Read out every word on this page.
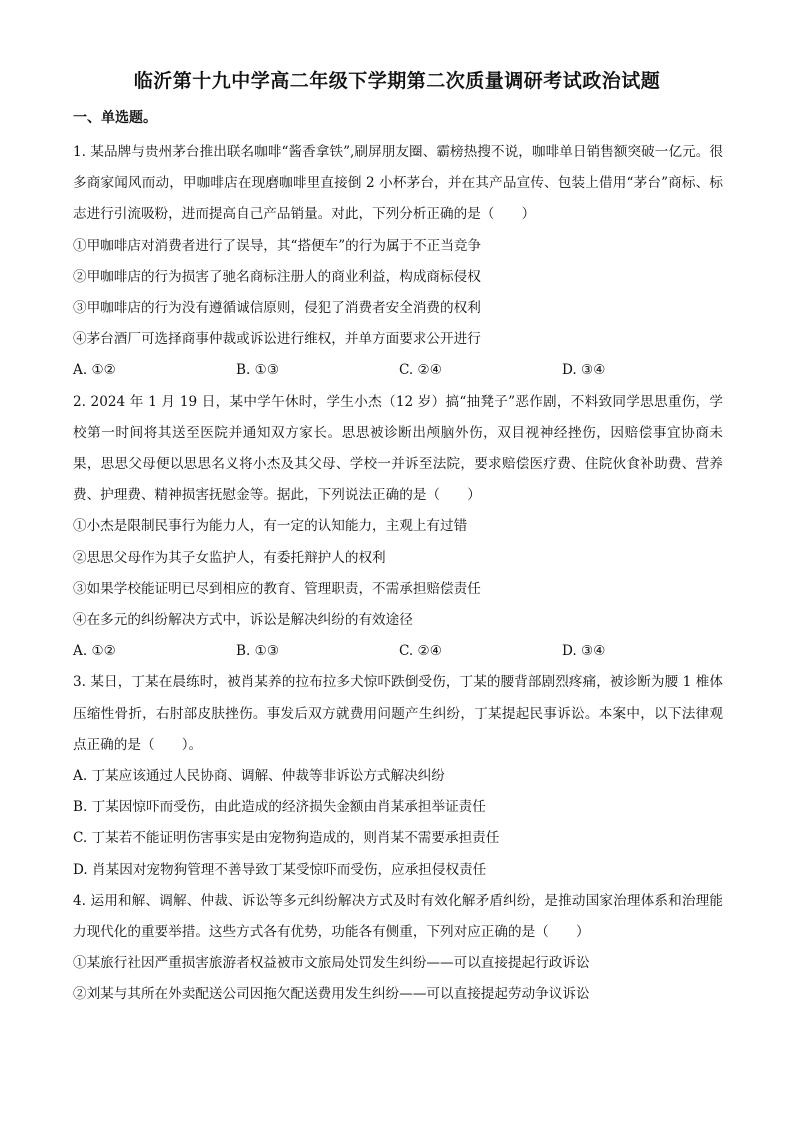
临沂第十九中学高二年级下学期第二次质量调研考试政治试题
一、单选题。

1. 某品牌与贵州茅台推出联名咖啡“酱香拿铁”,刷屏朋友圈、霸榜热搜不说，咖啡单日销售额突破一亿元。很多商家闻风而动，甲咖啡店在现磨咖啡里直接倒 2 小杯茅台，并在其产品宣传、包装上借用“茅台”商标、标志进行引流吸粉，进而提高自己产品销量。对此，下列分析正确的是（　　）

①甲咖啡店对消费者进行了误导，其“搭便车”的行为属于不正当竞争

②甲咖啡店的行为损害了驰名商标注册人的商业利益，构成商标侵权

③甲咖啡店的行为没有遵循诚信原则，侵犯了消费者安全消费的权利

④茅台酒厂可选择商事仲裁或诉讼进行维权，并单方面要求公开进行

A. ①②	B. ①③	C. ②④	D. ③④

2. 2024 年 1 月 19 日，某中学午休时，学生小杰（12 岁）搞“抽凳子”恶作剧，不料致同学思思重伤，学校第一时间将其送至医院并通知双方家长。思思被诊断出颅脑外伤，双目视神经挫伤，因赔偿事宜协商未果，思思父母便以思思名义将小杰及其父母、学校一并诉至法院，要求赔偿医疗费、住院伙食补助费、营养费、护理费、精神损害抚慰金等。据此，下列说法正确的是（　　）

①小杰是限制民事行为能力人，有一定的认知能力，主观上有过错

②思思父母作为其子女监护人，有委托辩护人的权利

③如果学校能证明已尽到相应的教育、管理职责，不需承担赔偿责任

④在多元的纠纷解决方式中，诉讼是解决纠纷的有效途径

A. ①②	B. ①③	C. ②④	D. ③④

3. 某日，丁某在晨练时，被肖某养的拉布拉多犬惊吓跌倒受伤，丁某的腰背部剧烈疼痛，被诊断为腰 1 椎体压缩性骨折，右肘部皮肤挫伤。事发后双方就费用问题产生纠纷，丁某提起民事诉讼。本案中，以下法律观点正确的是（　　）。

A. 丁某应该通过人民协商、调解、仲裁等非诉讼方式解决纠纷

B. 丁某因惊吓而受伤，由此造成的经济损失金额由肖某承担举证责任

C. 丁某若不能证明伤害事实是由宠物狗造成的，则肖某不需要承担责任

D. 肖某因对宠物狗管理不善导致丁某受惊吓而受伤，应承担侵权责任

4. 运用和解、调解、仲裁、诉讼等多元纠纷解决方式及时有效化解矛盾纠纷，是推动国家治理体系和治理能力现代化的重要举措。这些方式各有优势，功能各有侧重，下列对应正确的是（　　）

①某旅行社因严重损害旅游者权益被市文旅局处罚发生纠纷——可以直接提起行政诉讼

②刘某与其所在外卖配送公司因拖欠配送费用发生纠纷——可以直接提起劳动争议诉讼
